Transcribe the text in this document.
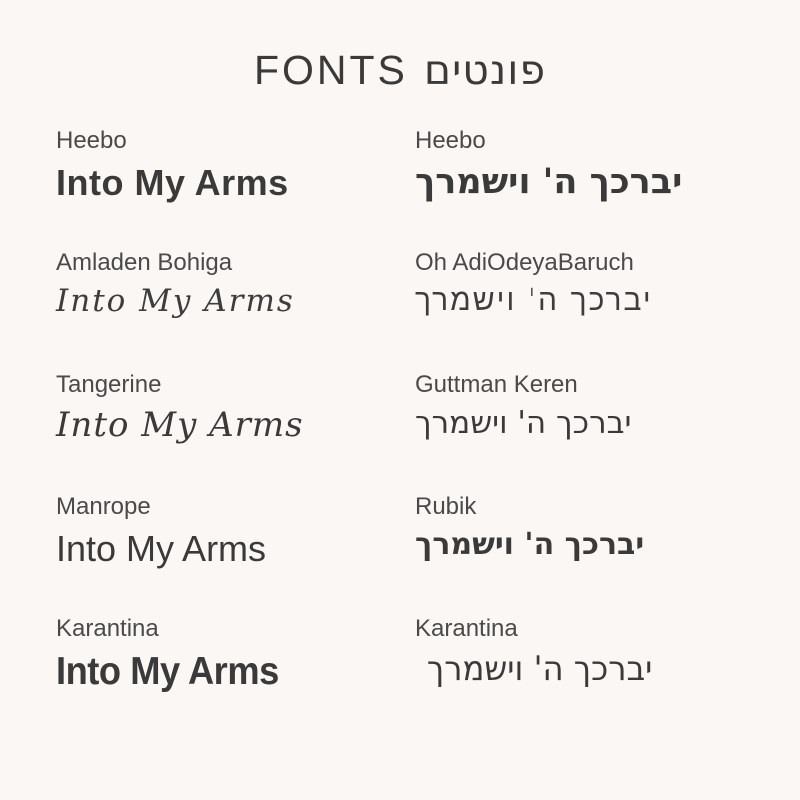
פונטיםFONTS
Heebo
Into My Arms
Heebo
יברכך ה' וישמרך
Amladen Bohiga
Into My Arms
Oh AdiOdeyaBaruch
יברכך ה' וישמרך
Tangerine
Into My Arms
Guttman Keren
יברכך ה' וישמרך
Manrope
Into My Arms
Rubik
יברכך ה' וישמרך
Karantina
Into My Arms
Karantina
יברכך ה' וישמרך
